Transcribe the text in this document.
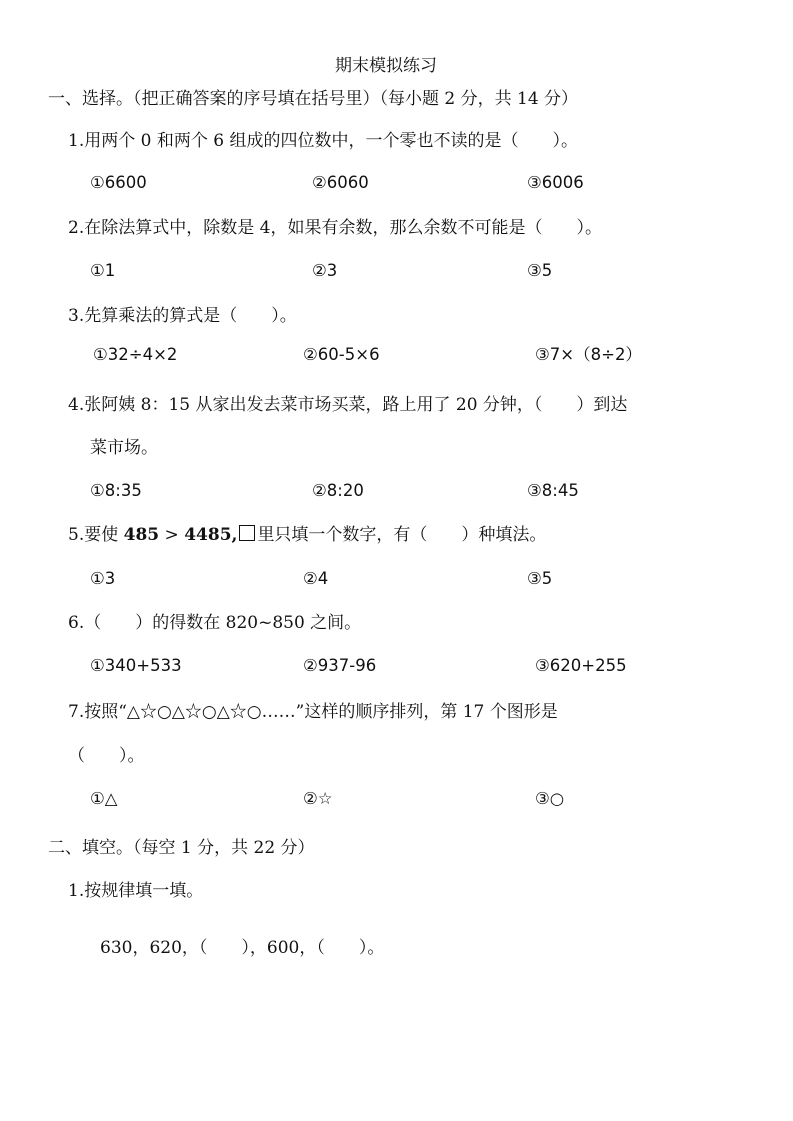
期末模拟练习
一、选择。（把正确答案的序号填在括号里）（每小题 2 分，共 14 分）
1.用两个 0 和两个 6 组成的四位数中，一个零也不读的是（　　）。
①6600	②6060	③6006
2.在除法算式中，除数是 4，如果有余数，那么余数不可能是（　　）。
①1	②3	③5
3.先算乘法的算式是（　　）。
①32÷4×2	②60-5×6	③7×（8÷2）
4.张阿姨 8：15 从家出发去菜市场买菜，路上用了 20 分钟，（　　）到达
菜市场。
①8:35	②8:20	③8:45
5.要使 485 > 4485, 里只填一个数字，有（　　）种填法。
①3	②4	③5
6.（　　）的得数在 820~850 之间。
①340+533	②937-96	③620+255
7.按照“△☆○△☆○△☆○……”这样的顺序排列，第 17 个图形是
（　　）。
①△	②☆	③○
二、填空。（每空 1 分，共 22 分）
1.按规律填一填。
630，620，（　　），600，（　　）。
